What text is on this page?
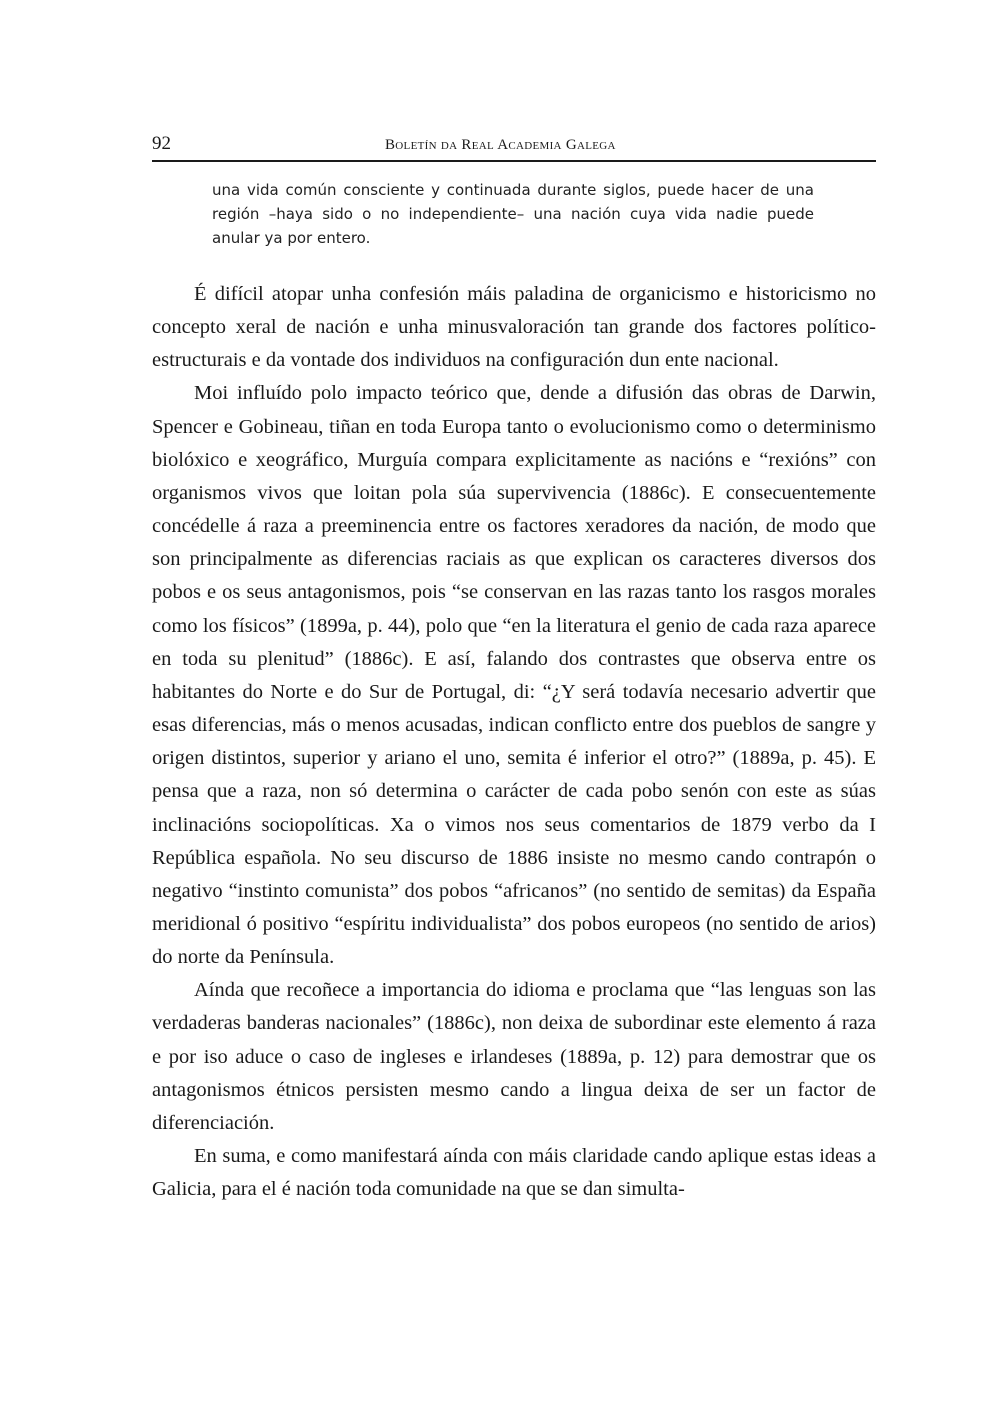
92	Boletín da Real Academia Galega

una vida común consciente y continuada durante siglos, puede hacer de una región –haya sido o no independiente– una nación cuya vida nadie puede anular ya por entero.

É difícil atopar unha confesión máis paladina de organicismo e historicismo no concepto xeral de nación e unha minusvaloración tan grande dos factores político-estructurais e da vontade dos individuos na configuración dun ente nacional.

Moi influído polo impacto teórico que, dende a difusión das obras de Darwin, Spencer e Gobineau, tiñan en toda Europa tanto o evolucionismo como o determinismo biolóxico e xeográfico, Murguía compara explicitamente as nacións e “rexións” con organismos vivos que loitan pola súa supervivencia (1886c). E consecuentemente concédelle á raza a preeminencia entre os factores xeradores da nación, de modo que son principalmente as diferencias raciais as que explican os caracteres diversos dos pobos e os seus antagonismos, pois “se conservan en las razas tanto los rasgos morales como los físicos” (1899a, p. 44), polo que “en la literatura el genio de cada raza aparece en toda su plenitud” (1886c). E así, falando dos contrastes que observa entre os habitantes do Norte e do Sur de Portugal, di: “¿Y será todavía necesario advertir que esas diferencias, más o menos acusadas, indican conflicto entre dos pueblos de sangre y origen distintos, superior y ariano el uno, semita é inferior el otro?” (1889a, p. 45). E pensa que a raza, non só determina o carácter de cada pobo senón con este as súas inclinacións sociopolíticas. Xa o vimos nos seus comentarios de 1879 verbo da I República española. No seu discurso de 1886 insiste no mesmo cando contrapón o negativo “instinto comunista” dos pobos “africanos” (no sentido de semitas) da España meridional ó positivo “espíritu individualista” dos pobos europeos (no sentido de arios) do norte da Península.

Aínda que recoñece a importancia do idioma e proclama que “las lenguas son las verdaderas banderas nacionales” (1886c), non deixa de subordinar este elemento á raza e por iso aduce o caso de ingleses e irlandeses (1889a, p. 12) para demostrar que os antagonismos étnicos persisten mesmo cando a lingua deixa de ser un factor de diferenciación.

En suma, e como manifestará aínda con máis claridade cando aplique estas ideas a Galicia, para el é nación toda comunidade na que se dan simulta-
